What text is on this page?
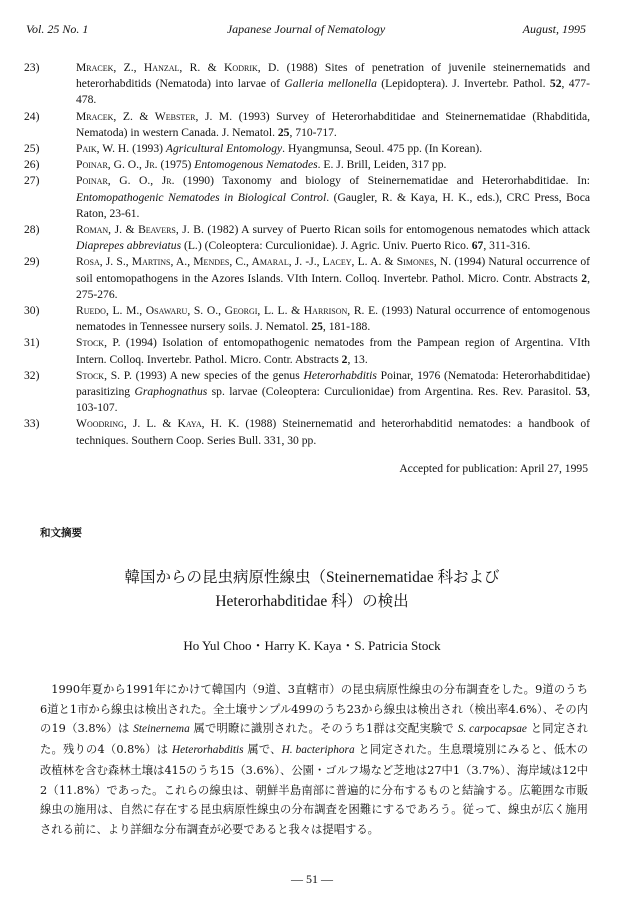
Vol. 25 No. 1	Japanese Journal of Nematology	August, 1995
23)	Mracek, Z., Hanzal, R. & Kodrik, D. (1988) Sites of penetration of juvenile steinernematids and heterorhabditids (Nematoda) into larvae of Galleria mellonella (Lepidoptera). J. Invertebr. Pathol. 52, 477-478.
24)	Mracek, Z. & Webster, J. M. (1993) Survey of Heterorhabditidae and Steinernematidae (Rhabditida, Nematoda) in western Canada. J. Nematol. 25, 710-717.
25)	Paik, W. H. (1993) Agricultural Entomology. Hyangmunsa, Seoul. 475 pp. (In Korean).
26)	Poinar, G. O., Jr. (1975) Entomogenous Nematodes. E. J. Brill, Leiden, 317 pp.
27)	Poinar, G. O., Jr. (1990) Taxonomy and biology of Steinernematidae and Heterorhabditidae. In: Entomopathogenic Nematodes in Biological Control. (Gaugler, R. & Kaya, H. K., eds.), CRC Press, Boca Raton, 23-61.
28)	Roman, J. & Beavers, J. B. (1982) A survey of Puerto Rican soils for entomogenous nematodes which attack Diaprepes abbreviatus (L.) (Coleoptera: Curculionidae). J. Agric. Univ. Puerto Rico. 67, 311-316.
29)	Rosa, J. S., Martins, A., Mendes, C., Amaral, J. -J., Lacey, L. A. & Simones, N. (1994) Natural occurrence of soil entomopathogens in the Azores Islands. VIth Intern. Colloq. Invertebr. Pathol. Micro. Contr. Abstracts 2, 275-276.
30)	Ruedo, L. M., Osawaru, S. O., Georgi, L. L. & Harrison, R. E. (1993) Natural occurrence of entomogenous nematodes in Tennessee nursery soils. J. Nematol. 25, 181-188.
31)	Stock, P. (1994) Isolation of entomopathogenic nematodes from the Pampean region of Argentina. VIth Intern. Colloq. Invertebr. Pathol. Micro. Contr. Abstracts 2, 13.
32)	Stock, S. P. (1993) A new species of the genus Heterorhabditis Poinar, 1976 (Nematoda: Heterorhabditidae) parasitizing Graphognathus sp. larvae (Coleoptera: Curculionidae) from Argentina. Res. Rev. Parasitol. 53, 103-107.
33)	Woodring, J. L. & Kaya, H. K. (1988) Steinernematid and heterorhabditid nematodes: a handbook of techniques. Southern Coop. Series Bull. 331, 30 pp.
Accepted for publication: April 27, 1995
和文摘要
韓国からの昆虫病原性線虫（Steinernematidae 科および
Heterorhabditidae 科）の検出
Ho Yul Choo・Harry K. Kaya・S. Patricia Stock

1990年夏から1991年にかけて韓国内（9道、3直轄市）の昆虫病原性線虫の分布調査をした。9道のうち6道と1市から線虫は検出された。全土壌サンプル499のうち23から線虫は検出され（検出率4.6%）、その内の19（3.8%）は Steinernema 属で明瞭に識別された。そのうち1群は交配実験で S. carpocapsae と同定された。残りの4（0.8%）は Heterorhabditis 属で、H. bacteriphora と同定された。生息環境別にみると、低木の改植林を含む森林土壌は415のうち15（3.6%）、公園・ゴルフ場など芝地は27中1（3.7%）、海岸域は12中2（11.8%）であった。これらの線虫は、朝鮮半島南部に普遍的に分布するものと結論する。広範囲な市販線虫の施用は、自然に存在する昆虫病原性線虫の分布調査を困難にするであろう。従って、線虫が広く施用される前に、より詳細な分布調査が必要であると我々は提唱する。

— 51 —
